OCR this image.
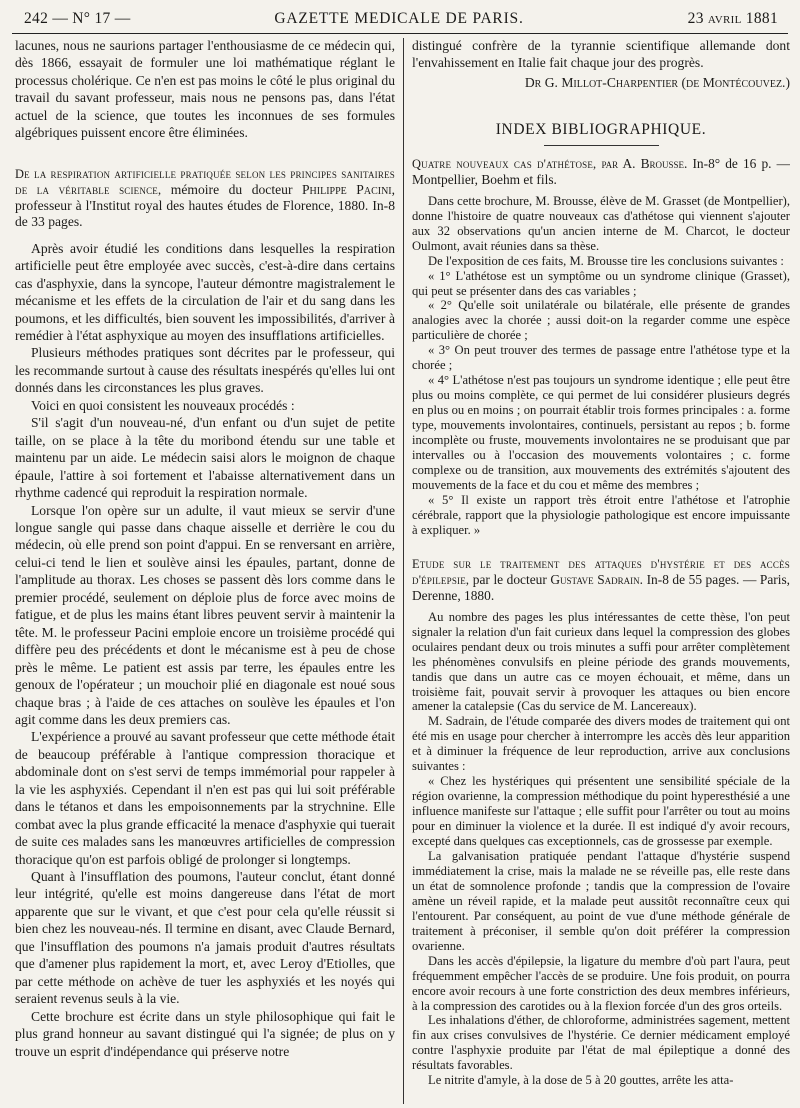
242 — N° 17 —	GAZETTE MEDICALE DE PARIS.	23 avril 1881

lacunes, nous ne saurions partager l'enthousiasme de ce médecin qui, dès 1866, essayait de formuler une loi mathématique réglant le processus cholérique. Ce n'en est pas moins le côté le plus original du travail du savant professeur, mais nous ne pensons pas, dans l'état actuel de la science, que toutes les inconnues de ses formules algébriques puissent encore être éliminées.

De la respiration artificielle pratiquée selon les principes sanitaires de la véritable science, mémoire du docteur Philippe Pacini, professeur à l'Institut royal des hautes études de Florence, 1880. In-8 de 33 pages.

Après avoir étudié les conditions dans lesquelles la respiration artificielle peut être employée avec succès, c'est-à-dire dans certains cas d'asphyxie, dans la syncope, l'auteur démontre magistralement le mécanisme et les effets de la circulation de l'air et du sang dans les poumons, et les difficultés, bien souvent les impossibilités, d'arriver à remédier à l'état asphyxique au moyen des insufflations artificielles.

Plusieurs méthodes pratiques sont décrites par le professeur, qui les recommande surtout à cause des résultats inespérés qu'elles lui ont donnés dans les circonstances les plus graves.

Voici en quoi consistent les nouveaux procédés :

S'il s'agit d'un nouveau-né, d'un enfant ou d'un sujet de petite taille, on se place à la tête du moribond étendu sur une table et maintenu par un aide. Le médecin saisi alors le moignon de chaque épaule, l'attire à soi fortement et l'abaisse alternativement dans un rhythme cadencé qui reproduit la respiration normale.

Lorsque l'on opère sur un adulte, il vaut mieux se servir d'une longue sangle qui passe dans chaque aisselle et derrière le cou du médecin, où elle prend son point d'appui. En se renversant en arrière, celui-ci tend le lien et soulève ainsi les épaules, partant, donne de l'amplitude au thorax. Les choses se passent dès lors comme dans le premier procédé, seulement on déploie plus de force avec moins de fatigue, et de plus les mains étant libres peuvent servir à maintenir la tête. M. le professeur Pacini emploie encore un troisième procédé qui diffère peu des précédents et dont le mécanisme est à peu de chose près le même. Le patient est assis par terre, les épaules entre les genoux de l'opérateur ; un mouchoir plié en diagonale est noué sous chaque bras ; à l'aide de ces attaches on soulève les épaules et l'on agit comme dans les deux premiers cas.

L'expérience a prouvé au savant professeur que cette méthode était de beaucoup préférable à l'antique compression thoracique et abdominale dont on s'est servi de temps immémorial pour rappeler à la vie les asphyxiés. Cependant il n'en est pas qui lui soit préférable dans le tétanos et dans les empoisonnements par la strychnine. Elle combat avec la plus grande efficacité la menace d'asphyxie qui tuerait de suite ces malades sans les manœuvres artificielles de compression thoracique qu'on est parfois obligé de prolonger si longtemps.

Quant à l'insufflation des poumons, l'auteur conclut, étant donné leur intégrité, qu'elle est moins dangereuse dans l'état de mort apparente que sur le vivant, et que c'est pour cela qu'elle réussit si bien chez les nouveau-nés. Il termine en disant, avec Claude Bernard, que l'insufflation des poumons n'a jamais produit d'autres résultats que d'amener plus rapidement la mort, et, avec Leroy d'Etiolles, que par cette méthode on achève de tuer les asphyxiés et les noyés qui seraient revenus seuls à la vie.

Cette brochure est écrite dans un style philosophique qui fait le plus grand honneur au savant distingué qui l'a signée; de plus on y trouve un esprit d'indépendance qui préserve notre

distingué confrère de la tyrannie scientifique allemande dont l'envahissement en Italie fait chaque jour des progrès.

Dr G. Millot-Charpentier (de Montécouvez.)
INDEX BIBLIOGRAPHIQUE.
Quatre nouveaux cas d'athétose, par A. Brousse. In-8° de 16 p. — Montpellier, Boehm et fils.

Dans cette brochure, M. Brousse, élève de M. Grasset (de Montpellier), donne l'histoire de quatre nouveaux cas d'athétose qui viennent s'ajouter aux 32 observations qu'un ancien interne de M. Charcot, le docteur Oulmont, avait réunies dans sa thèse.

De l'exposition de ces faits, M. Brousse tire les conclusions suivantes :

« 1° L'athétose est un symptôme ou un syndrome clinique (Grasset), qui peut se présenter dans des cas variables ;

« 2° Qu'elle soit unilatérale ou bilatérale, elle présente de grandes analogies avec la chorée ; aussi doit-on la regarder comme une espèce particulière de chorée ;

« 3° On peut trouver des termes de passage entre l'athétose type et la chorée ;

« 4° L'athétose n'est pas toujours un syndrome identique ; elle peut être plus ou moins complète, ce qui permet de lui considérer plusieurs degrés en plus ou en moins ; on pourrait établir trois formes principales : a. forme type, mouvements involontaires, continuels, persistant au repos ; b. forme incomplète ou fruste, mouvements involontaires ne se produisant que par intervalles ou à l'occasion des mouvements volontaires ; c. forme complexe ou de transition, aux mouvements des extrémités s'ajoutent des mouvements de la face et du cou et même des membres ;

« 5° Il existe un rapport très étroit entre l'athétose et l'atrophie cérébrale, rapport que la physiologie pathologique est encore impuissante à expliquer. »

Etude sur le traitement des attaques d'hystérie et des accès d'épilepsie, par le docteur Gustave Sadrain. In-8 de 55 pages. — Paris, Derenne, 1880.

Au nombre des pages les plus intéressantes de cette thèse, l'on peut signaler la relation d'un fait curieux dans lequel la compression des globes oculaires pendant deux ou trois minutes a suffi pour arrêter complètement les phénomènes convulsifs en pleine période des grands mouvements, tandis que dans un autre cas ce moyen échouait, et même, dans un troisième fait, pouvait servir à provoquer les attaques ou bien encore amener la catalepsie (Cas du service de M. Lancereaux).

M. Sadrain, de l'étude comparée des divers modes de traitement qui ont été mis en usage pour chercher à interrompre les accès dès leur apparition et à diminuer la fréquence de leur reproduction, arrive aux conclusions suivantes :

« Chez les hystériques qui présentent une sensibilité spéciale de la région ovarienne, la compression méthodique du point hyperesthésié a une influence manifeste sur l'attaque ; elle suffit pour l'arrêter ou tout au moins pour en diminuer la violence et la durée. Il est indiqué d'y avoir recours, excepté dans quelques cas exceptionnels, cas de grossesse par exemple.

La galvanisation pratiquée pendant l'attaque d'hystérie suspend immédiatement la crise, mais la malade ne se réveille pas, elle reste dans un état de somnolence profonde ; tandis que la compression de l'ovaire amène un réveil rapide, et la malade peut aussitôt reconnaître ceux qui l'entourent. Par conséquent, au point de vue d'une méthode générale de traitement à préconiser, il semble qu'on doit préférer la compression ovarienne.

Dans les accès d'épilepsie, la ligature du membre d'où part l'aura, peut fréquemment empêcher l'accès de se produire. Une fois produit, on pourra encore avoir recours à une forte constriction des deux membres inférieurs, à la compression des carotides ou à la flexion forcée d'un des gros orteils.

Les inhalations d'éther, de chloroforme, administrées sagement, mettent fin aux crises convulsives de l'hystérie. Ce dernier médicament employé contre l'asphyxie produite par l'état de mal épileptique a donné des résultats favorables.

Le nitrite d'amyle, à la dose de 5 à 20 gouttes, arrête les atta-
